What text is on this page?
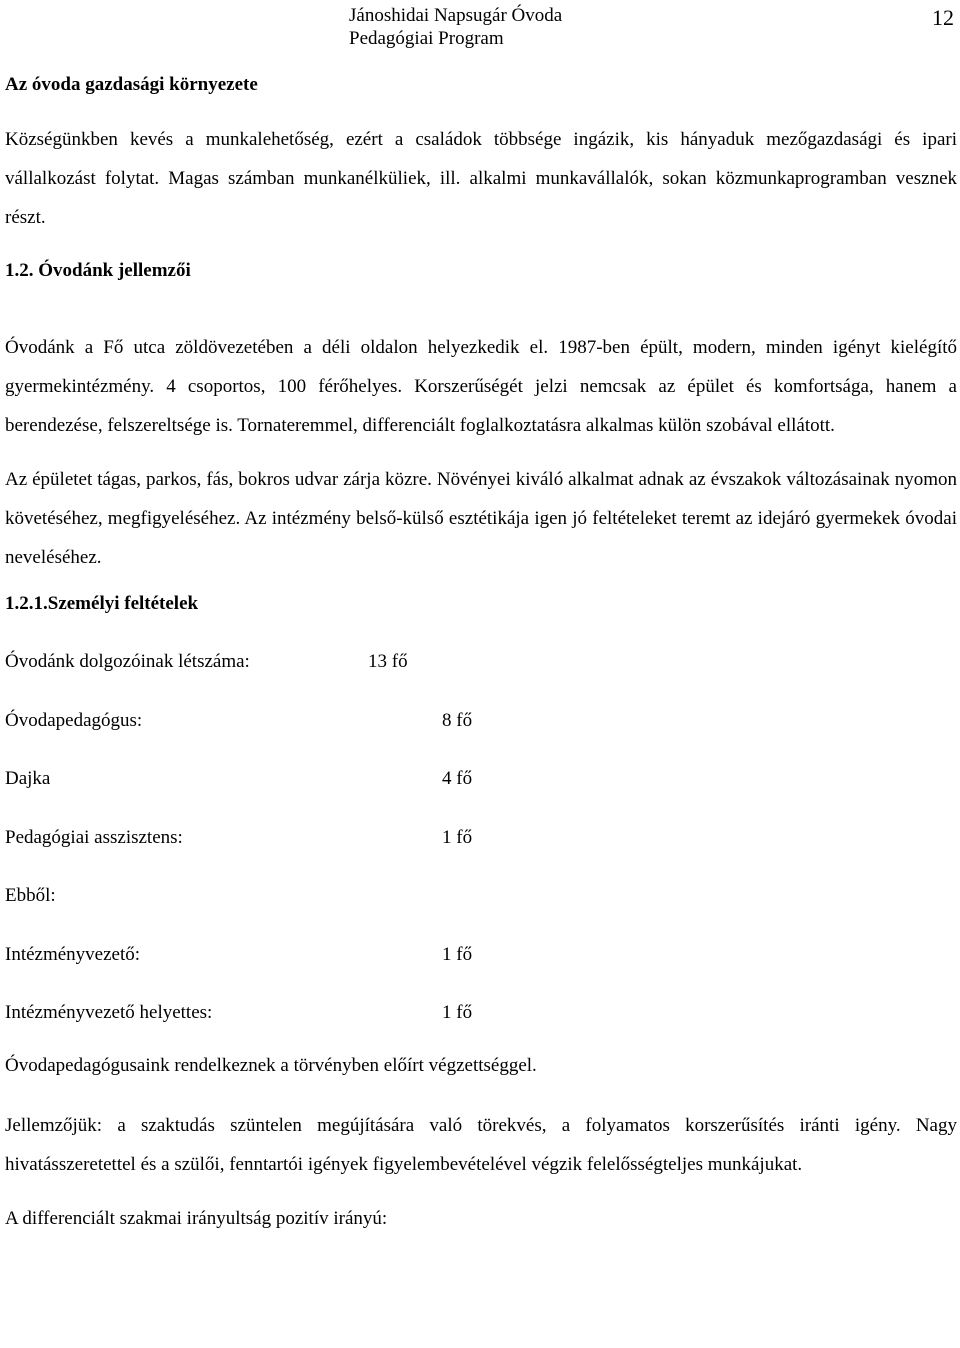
Jánoshidai Napsugár Óvoda
Pedagógiai Program
12
Az óvoda gazdasági környezete

Községünkben kevés a munkalehetőség, ezért a családok többsége ingázik, kis hányaduk mezőgazdasági és ipari vállalkozást folytat. Magas számban munkanélküliek, ill. alkalmi munkavállalók, sokan közmunkaprogramban vesznek részt.

1.2. Óvodánk jellemzői

Óvodánk a Fő utca zöldövezetében a déli oldalon helyezkedik el. 1987-ben épült, modern, minden igényt kielégítő gyermekintézmény. 4 csoportos, 100 férőhelyes. Korszerűségét jelzi nemcsak az épület és komfortsága, hanem a berendezése, felszereltsége is. Tornateremmel, differenciált foglalkoztatásra alkalmas külön szobával ellátott.

Az épületet tágas, parkos, fás, bokros udvar zárja közre. Növényei kiváló alkalmat adnak az évszakok változásainak nyomon követéséhez, megfigyeléséhez. Az intézmény belső-külső esztétikája igen jó feltételeket teremt az idejáró gyermekek óvodai neveléséhez.

1.2.1.Személyi feltételek
Óvodánk dolgozóinak létszáma:	13 fő
Óvodapedagógus:	8 fő
Dajka	4 fő
Pedagógiai asszisztens:	1 fő
Ebből:
Intézményvezető:	1 fő
Intézményvezető helyettes:	1 fő
Óvodapedagógusaink rendelkeznek a törvényben előírt végzettséggel.

Jellemzőjük: a szaktudás szüntelen megújítására való törekvés, a folyamatos korszerűsítés iránti igény. Nagy hivatásszeretettel és a szülői, fenntartói igények figyelembevételével végzik felelősségteljes munkájukat.

A differenciált szakmai irányultság pozitív irányú:
